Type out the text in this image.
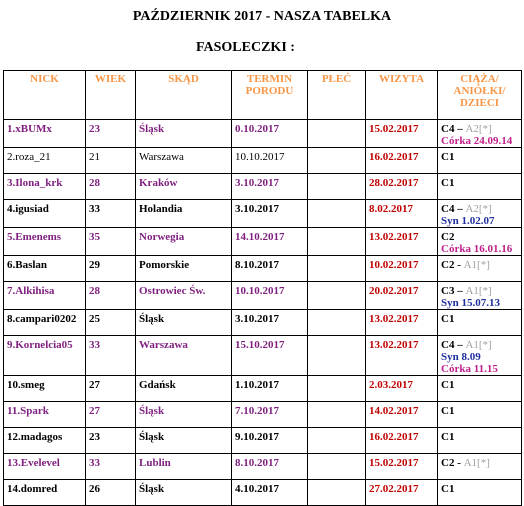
PAŹDZIERNIK 2017 - NASZA TABELKA
FASOLECZKI :
NICK	WIEK	SKĄD	TERMIN PORODU	PŁEĆ	WIZYTA	CIĄŻA/ ANIÓŁKI/ DZIECI
1.xBUMx	23	Śląsk	0.10.2017		15.02.2017	C4 – A2[*]
Córka 24.09.14

2.roza_21	21	Warszawa	10.10.2017		16.02.2017	C1
3.Ilona_krk	28	Kraków	3.10.2017		28.02.2017	C1
4.igusiad	33	Holandia	3.10.2017		8.02.2017	C4 – A2[*]
Syn 1.02.07

5.Emenems	35	Norwegia	14.10.2017		13.02.2017	C2
Córka 16.01.16

6.Baslan	29	Pomorskie	8.10.2017		10.02.2017	C2 - A1[*]
7.Alkihisa	28	Ostrowiec Św.	10.10.2017		20.02.2017	C3 – A1[*]
Syn 15.07.13

8.campari0202	25	Śląsk	3.10.2017		13.02.2017	C1
9.Kornelcia05	33	Warszawa	15.10.2017		13.02.2017	C4 – A1[*]
Syn 8.09
Córka 11.15

10.smeg	27	Gdańsk	1.10.2017		2.03.2017	C1
11.Spark	27	Śląsk	7.10.2017		14.02.2017	C1
12.madagos	23	Śląsk	9.10.2017		16.02.2017	C1
13.Evelevel	33	Lublin	8.10.2017		15.02.2017	C2 - A1[*]
14.domred	26	Śląsk	4.10.2017		27.02.2017	C1
